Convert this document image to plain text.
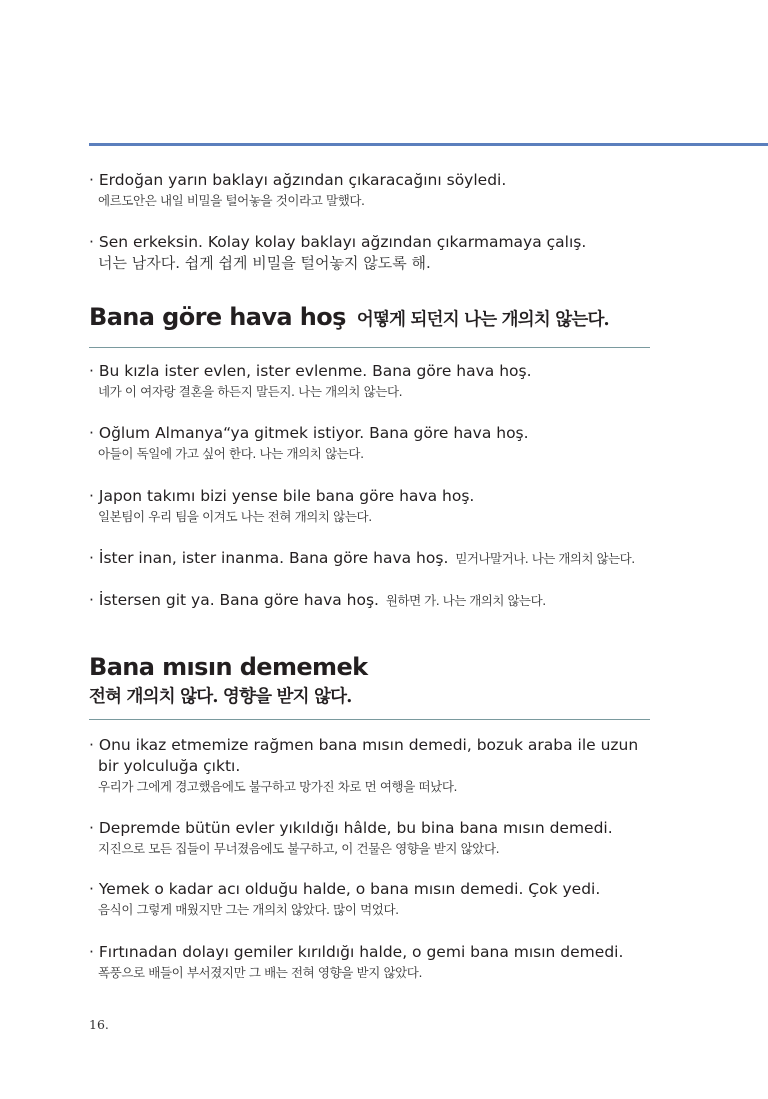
· Erdoğan yarın baklayı ağzından çıkaracağını söyledi.
에르도안은 내일 비밀을 털어놓을 것이라고 말했다.
· Sen erkeksin. Kolay kolay baklayı ağzından çıkarmamaya çalış.
너는 남자다. 쉽게 쉽게 비밀을 털어놓지 않도록 해.
Bana göre hava hoş 어떻게 되던지 나는 개의치 않는다.
· Bu kızla ister evlen, ister evlenme. Bana göre hava hoş.
네가 이 여자랑 결혼을 하든지 말든지. 나는 개의치 않는다.
· Oğlum Almanya“ya gitmek istiyor. Bana göre hava hoş.
아들이 독일에 가고 싶어 한다. 나는 개의치 않는다.
· Japon takımı bizi yense bile bana göre hava hoş.
일본팀이 우리 팀을 이겨도 나는 전혀 개의치 않는다.
· İster inan, ister inanma. Bana göre hava hoş. 믿거나말거나. 나는 개의치 않는다.
· İstersen git ya. Bana göre hava hoş. 원하면 가. 나는 개의치 않는다.
Bana mısın dememek
전혀 개의치 않다. 영향을 받지 않다.
· Onu ikaz etmemize rağmen bana mısın demedi, bozuk araba ile uzun bir yolculuğa çıktı.
우리가 그에게 경고했음에도 불구하고 망가진 차로 먼 여행을 떠났다.
· Depremde bütün evler yıkıldığı hâlde, bu bina bana mısın demedi.
지진으로 모든 집들이 무너졌음에도 불구하고, 이 건물은 영향을 받지 않았다.
· Yemek o kadar acı olduğu halde, o bana mısın demedi. Çok yedi.
음식이 그렇게 매웠지만 그는 개의치 않았다. 많이 먹었다.
· Fırtınadan dolayı gemiler kırıldığı halde, o gemi bana mısın demedi.
폭풍으로 배들이 부서졌지만 그 배는 전혀 영향을 받지 않았다.
16.
